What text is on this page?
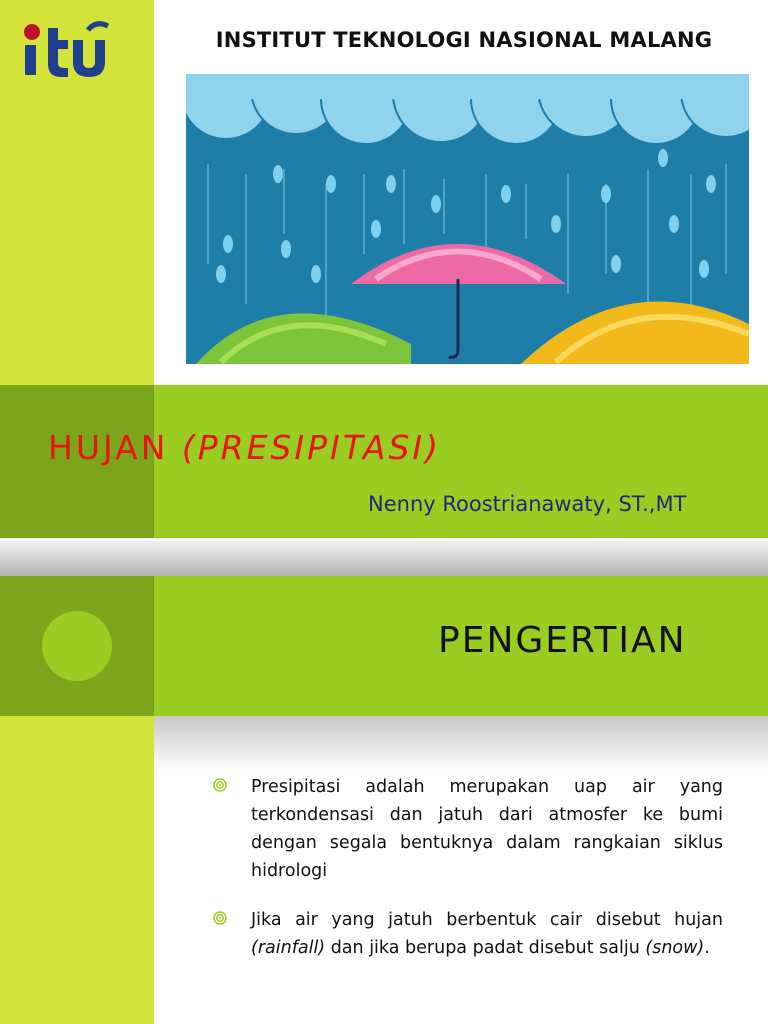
INSTITUT TEKNOLOGI NASIONAL MALANG
HUJAN (PRESIPITASI)
Nenny Roostrianawaty, ST.,MT
PENGERTIAN
Presipitasi adalah merupakan uap air yang terkondensasi dan jatuh dari atmosfer ke bumi dengan segala bentuknya dalam rangkaian siklus hidrologi
Jika air yang jatuh berbentuk cair disebut hujan (rainfall) dan jika berupa padat disebut salju (snow).
